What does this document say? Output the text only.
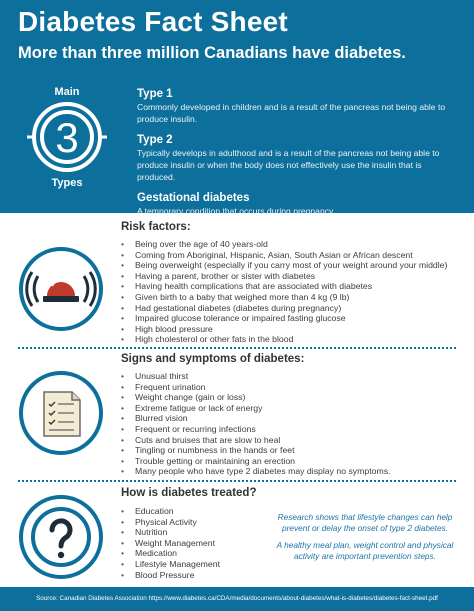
Diabetes Fact Sheet
More than three million Canadians have diabetes.
Main
3
Types
Type 1
Commonly developed in children and is a result of the pancreas not being able to produce insulin.
Type 2
Typically develops in adulthood and is a result of the pancreas not being able to produce insulin or when the body does not effectively use the insulin that is produced.
Gestational diabetes
A temporary condition that occurs during pregnancy.
Risk factors:
• Being over the age of 40 years-old
• Coming from Aboriginal, Hispanic, Asian, South Asian or African descent
• Being overweight (especially if you carry most of your weight around your middle)
• Having a parent, brother or sister with diabetes
• Having health complications that are associated with diabetes
• Given birth to a baby that weighed more than 4 kg (9 lb)
• Had gestational diabetes (diabetes during pregnancy)
• Impaired glucose tolerance or impaired fasting glucose
• High blood pressure
• High cholesterol or other fats in the blood
Signs and symptoms of diabetes:
• Unusual thirst
• Frequent urination
• Weight change (gain or loss)
• Extreme fatigue or lack of energy
• Blurred vision
• Frequent or recurring infections
• Cuts and bruises that are slow to heal
• Tingling or numbness in the hands or feet
• Trouble getting or maintaining an erection
• Many people who have type 2 diabetes may display no symptoms.
How is diabetes treated?
• Education
• Physical Activity
• Nutrition
• Weight Management
• Medication
• Lifestyle Management
• Blood Pressure

Research shows that lifestyle changes can help prevent or delay the onset of type 2 diabetes.

A healthy meal plan, weight control and physical activity are important prevention steps.

Source: Canadian Diabetes Association https://www.diabetes.ca/CDA/media/documents/about-diabetes/what-is-diabetes/diabetes-fact-sheet.pdf
